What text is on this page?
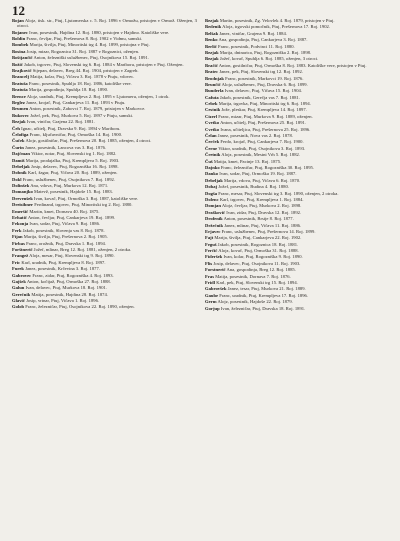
12

Bojan Alojz, tisk. str., Ptuj, Ljutomerska c. 5. Roj. 1896 v Ormožu, pristojen v Ormož. Oženjen, 3 otroci.

Bojanec Ivan, posestnik, Hajdina 12. Roj. 1880, pristojen v Hajdino. Katoliške vere.

Boldin Franc, čevljar, Ptuj, Prešernova 8. Roj. 1902 v Vidmu, samski.

Bombek Marija, šivilja, Ptuj, Minoritski trg 4. Roj. 1899, pristojna v Ptuj.

Bosina Josip, mizar, Rogoznica 31. Roj. 1887 v Rogoznici, oženjen.

Boštjančič Anton, železniški uslužbenec, Ptuj, Osojnikova 15. Roj. 1891.

Božič Jakob, trgovec, Ptuj, Slovenski trg 6. Roj. 1884 v Mariboru, pristojen v Ptuj. Oženjen.

Brajkovič Stjepan, delavec, Breg 44. Roj. 1904, pristojen v Zagreb.

Brancelj Matija, kolar, Ptuj, Vičava 3. Roj. 1878 v Ptuju, vdovec.

Bratuša Franc, posestnik, Spuhlja 18. Roj. 1886, katoliške vere.

Bratuša Marija, gospodinja, Spuhlja 18. Roj. 1890.

Brence Alojz, uradnik, Ptuj, Krempljeva 2. Roj. 1895 v Ljutomeru, oženjen, 1 otrok.

Brglez Janez, krojač, Ptuj, Cankarjeva 11. Roj. 1893 v Ptuju.

Brumen Anton, posestnik, Zabovci 7. Roj. 1879, pristojen v Markovce.

Bukovec Jožef, pek, Ptuj, Murkova 5. Roj. 1897 v Ptuju, samski.

Bezjak Ivan, viničar, Grajena 22. Roj. 1881.

Čeh Ignac, učitelj, Ptuj, Dravska 9. Roj. 1894 v Mariboru.

Čelofiga Franc, ključavničar, Ptuj, Ormoška 14. Roj. 1900.

Čuček Alojz, gostilničar, Ptuj, Prešernova 20. Roj. 1885, oženjen, 4 otroci.

Čurin Janez, posestnik, Lancova vas 3. Roj. 1876.

Dajčman Viktor, notar, Ptuj, Slovenski trg 1. Roj. 1882.

Damiš Marija, prodajalka, Ptuj, Krempljeva 5. Roj. 1903.

Debeljak Josip, delavec, Ptuj, Rogozniška 16. Roj. 1898.

Dobnik Karl, žagar, Ptuj, Vičava 20. Roj. 1889, oženjen.

Dokl Franc, uslužbenec, Ptuj, Osojnikova 7. Roj. 1892.

Dolinšek Ana, vdova, Ptuj, Murkova 12. Roj. 1871.

Domanjko Matevž, posestnik, Hajdoše 15. Roj. 1883.

Drevenšek Ivan, kovač, Ptuj, Ormoška 3. Roj. 1887, katoliške vere.

Dreisibner Ferdinand, trgovec, Ptuj, Minoritski trg 2. Roj. 1880.

Emeršič Martin, kmet, Dornava 40. Roj. 1875.

Erhatič Anton, čevljar, Ptuj, Cankarjeva 19. Roj. 1899.

Fekonja Ivan, sodar, Ptuj, Vičava 9. Roj. 1886.

Ferk Jakob, posestnik, Slovenja vas 8. Roj. 1878.

Fijan Marija, šivilja, Ptuj, Prešernova 2. Roj. 1905.

Firbas Franc, orožnik, Ptuj, Dravska 1. Roj. 1894.

Forštnerič Jožef, mlinar, Breg 12. Roj. 1881, oženjen, 2 otroka.

Frangež Alojz, mesar, Ptuj, Slovenski trg 9. Roj. 1890.

Fric Karl, uradnik, Ptuj, Krempljeva 8. Roj. 1897.

Furek Janez, posestnik, Krčevina 3. Roj. 1877.

Gabrovec Franc, zidar, Ptuj, Rogozniška 4. Roj. 1893.

Gajšek Anton, kočijaž, Ptuj, Ormoška 27. Roj. 1888.

Galun Ivan, delavec, Ptuj, Murkova 18. Roj. 1901.

Gerečnik Matija, posestnik, Hajdina 28. Roj. 1874.

Glavič Josip, vrtnar, Ptuj, Vičava 1. Roj. 1896.

Golob Franc, železničar, Ptuj, Osojnikova 22. Roj. 1890, oženjen.

Bezjak Martin, posestnik, Zg. Velovlek 4. Roj. 1879, pristojen v Ptuj.

Bedenik Alojz, trgovski pomočnik, Ptuj, Prešernova 17. Roj. 1902.

Belšak Janez, viničar, Grajena 9. Roj. 1884.

Benko Ana, gospodinja, Ptuj, Cankarjeva 3. Roj. 1887.

Berlič Franc, posestnik, Podvinci 11. Roj. 1880.

Bezjak Marija, dninarica, Ptuj, Rogozniška 2. Roj. 1898.

Bezjak Jožef, kovač, Spuhlja 6. Roj. 1885, oženjen, 3 otroci.

Bračič Anton, gostilničar, Ptuj, Ormoška 8. Roj. 1883. Katoliške vere, pristojen v Ptuj.

Bratec Janez, pek, Ptuj, Slovenski trg 12. Roj. 1892.

Brodnjak Franc, posestnik, Markovci 19. Roj. 1876.

Brunčič Alojz, uslužbenec, Ptuj, Dravska 6. Roj. 1899.

Bunderla Ivan, delavec, Ptuj, Vičava 15. Roj. 1904.

Cafuta Jakob, posestnik, Gerečja vas 7. Roj. 1881.

Cebek Marija, trgovka, Ptuj, Minoritski trg 6. Roj. 1894.

Cestnik Jože, pleskar, Ptuj, Krempljeva 14. Roj. 1897.

Cizerl Franc, mizar, Ptuj, Murkova 9. Roj. 1889, oženjen.

Cvetko Anton, učitelj, Ptuj, Prešernova 25. Roj. 1891.

Cvetko Ivana, učiteljica, Ptuj, Prešernova 25. Roj. 1896.

Čelan Janez, posestnik, Nova vas 2. Roj. 1878.

Čerček Ferdo, krojač, Ptuj, Cankarjeva 7. Roj. 1900.

Černe Viktor, uradnik, Ptuj, Osojnikova 3. Roj. 1893.

Čretnik Alojz, posestnik, Mestni Vrh 5. Roj. 1882.

Čuš Matija, kmet, Pacinje 13. Roj. 1875.

Dajnko Franc, železničar, Ptuj, Rogozniška 30. Roj. 1895.

Danko Ivan, sodar, Ptuj, Ormoška 19. Roj. 1887.

Debeljak Marija, vdova, Ptuj, Vičava 6. Roj. 1870.

Dobaj Jožef, posestnik, Budina 4. Roj. 1880.

Dogša Franc, mesar, Ptuj, Slovenski trg 3. Roj. 1890, oženjen, 2 otroka.

Dolenc Karl, trgovec, Ptuj, Krempljeva 1. Roj. 1884.

Domjan Alojz, čevljar, Ptuj, Murkova 2. Roj. 1898.

Draškovič Ivan, zidar, Ptuj, Dravska 12. Roj. 1892.

Drofenik Anton, posestnik, Brstje 8. Roj. 1877.

Držečnik Janez, mlinar, Ptuj, Vičava 11. Roj. 1886.

Erjavec Franc, uslužbenec, Ptuj, Prešernova 14. Roj. 1899.

Fajt Marija, šivilja, Ptuj, Cankarjeva 22. Roj. 1902.

Feguš Jakob, posestnik, Rogoznica 18. Roj. 1881.

Ferčič Alojz, kovač, Ptuj, Ormoška 31. Roj. 1888.

Fideršek Ivan, kolar, Ptuj, Rogozniška 9. Roj. 1890.

Flis Josip, delavec, Ptuj, Osojnikova 11. Roj. 1903.

Forstnerič Ana, gospodinja, Breg 12. Roj. 1885.

Fras Matija, posestnik, Dornava 7. Roj. 1876.

Fridl Karl, pek, Ptuj, Slovenski trg 15. Roj. 1894.

Gabrovšek Janez, tesar, Ptuj, Murkova 21. Roj. 1889.

Gaube Franc, uradnik, Ptuj, Krempljeva 17. Roj. 1896.

Germ Alojz, posestnik, Hajdoše 22. Roj. 1879.

Gorjup Ivan, železničar, Ptuj, Dravska 18. Roj. 1891.
